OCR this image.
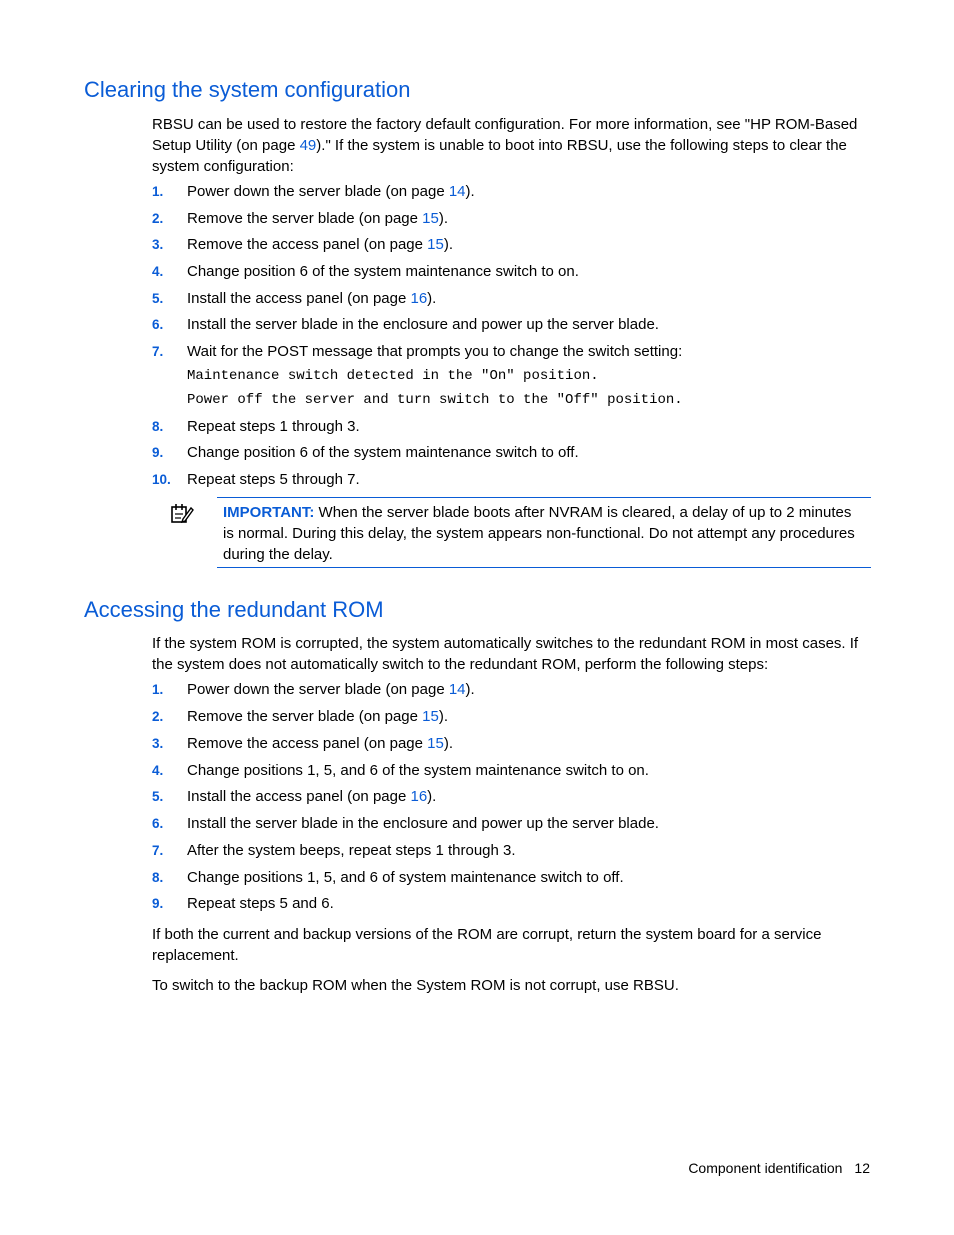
Clearing the system configuration

RBSU can be used to restore the factory default configuration. For more information, see "HP ROM-Based Setup Utility (on page 49)." If the system is unable to boot into RBSU, use the following steps to clear the system configuration:

1. Power down the server blade (on page 14).
2. Remove the server blade (on page 15).
3. Remove the access panel (on page 15).
4. Change position 6 of the system maintenance switch to on.
5. Install the access panel (on page 16).
6. Install the server blade in the enclosure and power up the server blade.
7. Wait for the POST message that prompts you to change the switch setting:
Maintenance switch detected in the "On" position.
Power off the server and turn switch to the "Off" position.
8. Repeat steps 1 through 3.
9. Change position 6 of the system maintenance switch to off.
10. Repeat steps 5 through 7.

IMPORTANT: When the server blade boots after NVRAM is cleared, a delay of up to 2 minutes is normal. During this delay, the system appears non-functional. Do not attempt any procedures during the delay.

Accessing the redundant ROM

If the system ROM is corrupted, the system automatically switches to the redundant ROM in most cases. If the system does not automatically switch to the redundant ROM, perform the following steps:

1. Power down the server blade (on page 14).
2. Remove the server blade (on page 15).
3. Remove the access panel (on page 15).
4. Change positions 1, 5, and 6 of the system maintenance switch to on.
5. Install the access panel (on page 16).
6. Install the server blade in the enclosure and power up the server blade.
7. After the system beeps, repeat steps 1 through 3.
8. Change positions 1, 5, and 6 of system maintenance switch to off.
9. Repeat steps 5 and 6.

If both the current and backup versions of the ROM are corrupt, return the system board for a service replacement.

To switch to the backup ROM when the System ROM is not corrupt, use RBSU.

Component identification 12
